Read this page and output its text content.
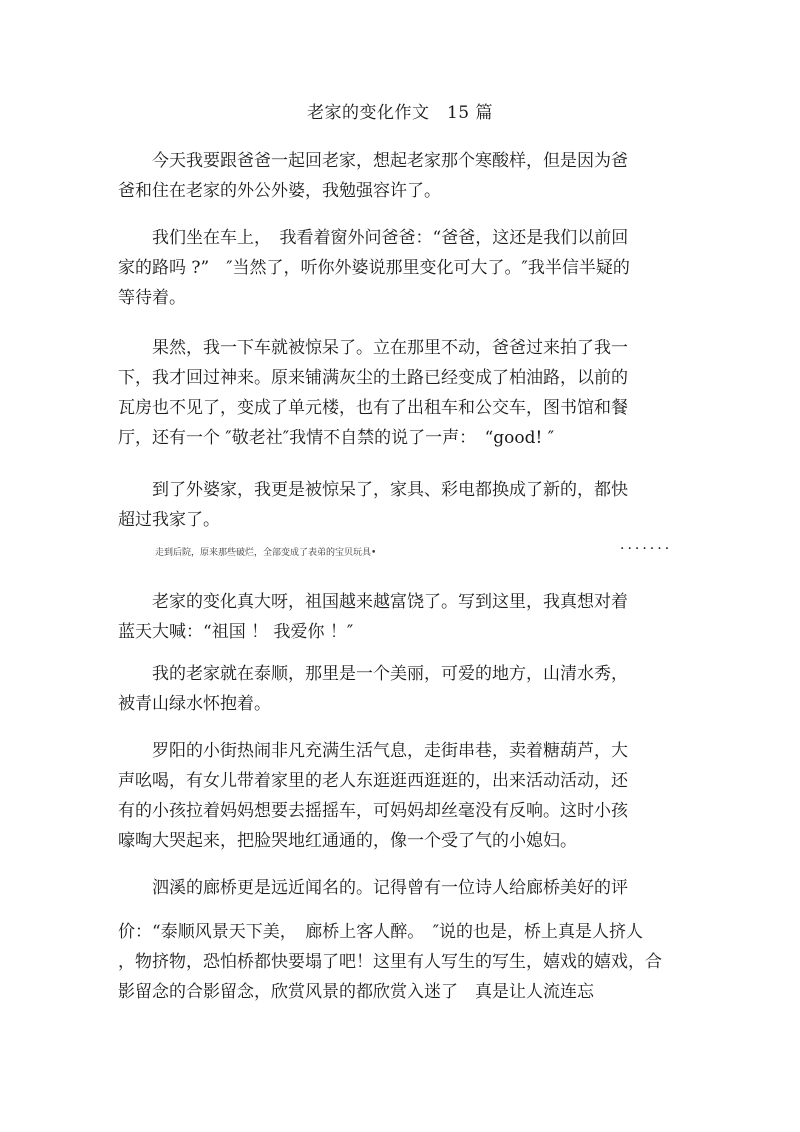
老家的变化作文　15 篇
　　今天我要跟爸爸一起回老家，想起老家那个寒酸样，但是因为爸
爸和住在老家的外公外婆，我勉强容许了。
　　我们坐在车上，　我看着窗外问爸爸：“爸爸，这还是我们以前回
家的路吗 ?”　″当然了，听你外婆说那里变化可大了。″我半信半疑的
等待着。
　　果然，我一下车就被惊呆了。立在那里不动，爸爸过来拍了我一
下，我才回过神来。原来铺满灰尘的土路已经变成了柏油路，以前的
瓦房也不见了，变成了单元楼，也有了出租车和公交车，图书馆和餐
厅，还有一个 ″敬老社″我情不自禁的说了一声：　“good! ″
　　到了外婆家，我更是被惊呆了，家具、彩电都换成了新的，都快
超过我家了。
走到后院，原来那些破烂，全部变成了表弟的宝贝玩具•	·······
　　老家的变化真大呀，祖国越来越富饶了。写到这里，我真想对着
蓝天大喊：“祖国 ！ 我爱你 ！″
　　我的老家就在泰顺，那里是一个美丽，可爱的地方，山清水秀，
被青山绿水怀抱着。
　　罗阳的小街热闹非凡充满生活气息，走街串巷，卖着糖葫芦，大
声吆喝，有女儿带着家里的老人东逛逛西逛逛的，出来活动活动，还
有的小孩拉着妈妈想要去摇摇车，可妈妈却丝毫没有反响。这时小孩
嚎啕大哭起来，把脸哭地红通通的，像一个受了气的小媳妇。
　　泗溪的廊桥更是远近闻名的。记得曾有一位诗人给廊桥美好的评
价：“泰顺风景天下美，　廊桥上客人醉。　″说的也是，桥上真是人挤人
，物挤物，恐怕桥都快要塌了吧！这里有人写生的写生，嬉戏的嬉戏，合
影留念的合影留念，欣赏风景的都欣赏入迷了　真是让人流连忘
